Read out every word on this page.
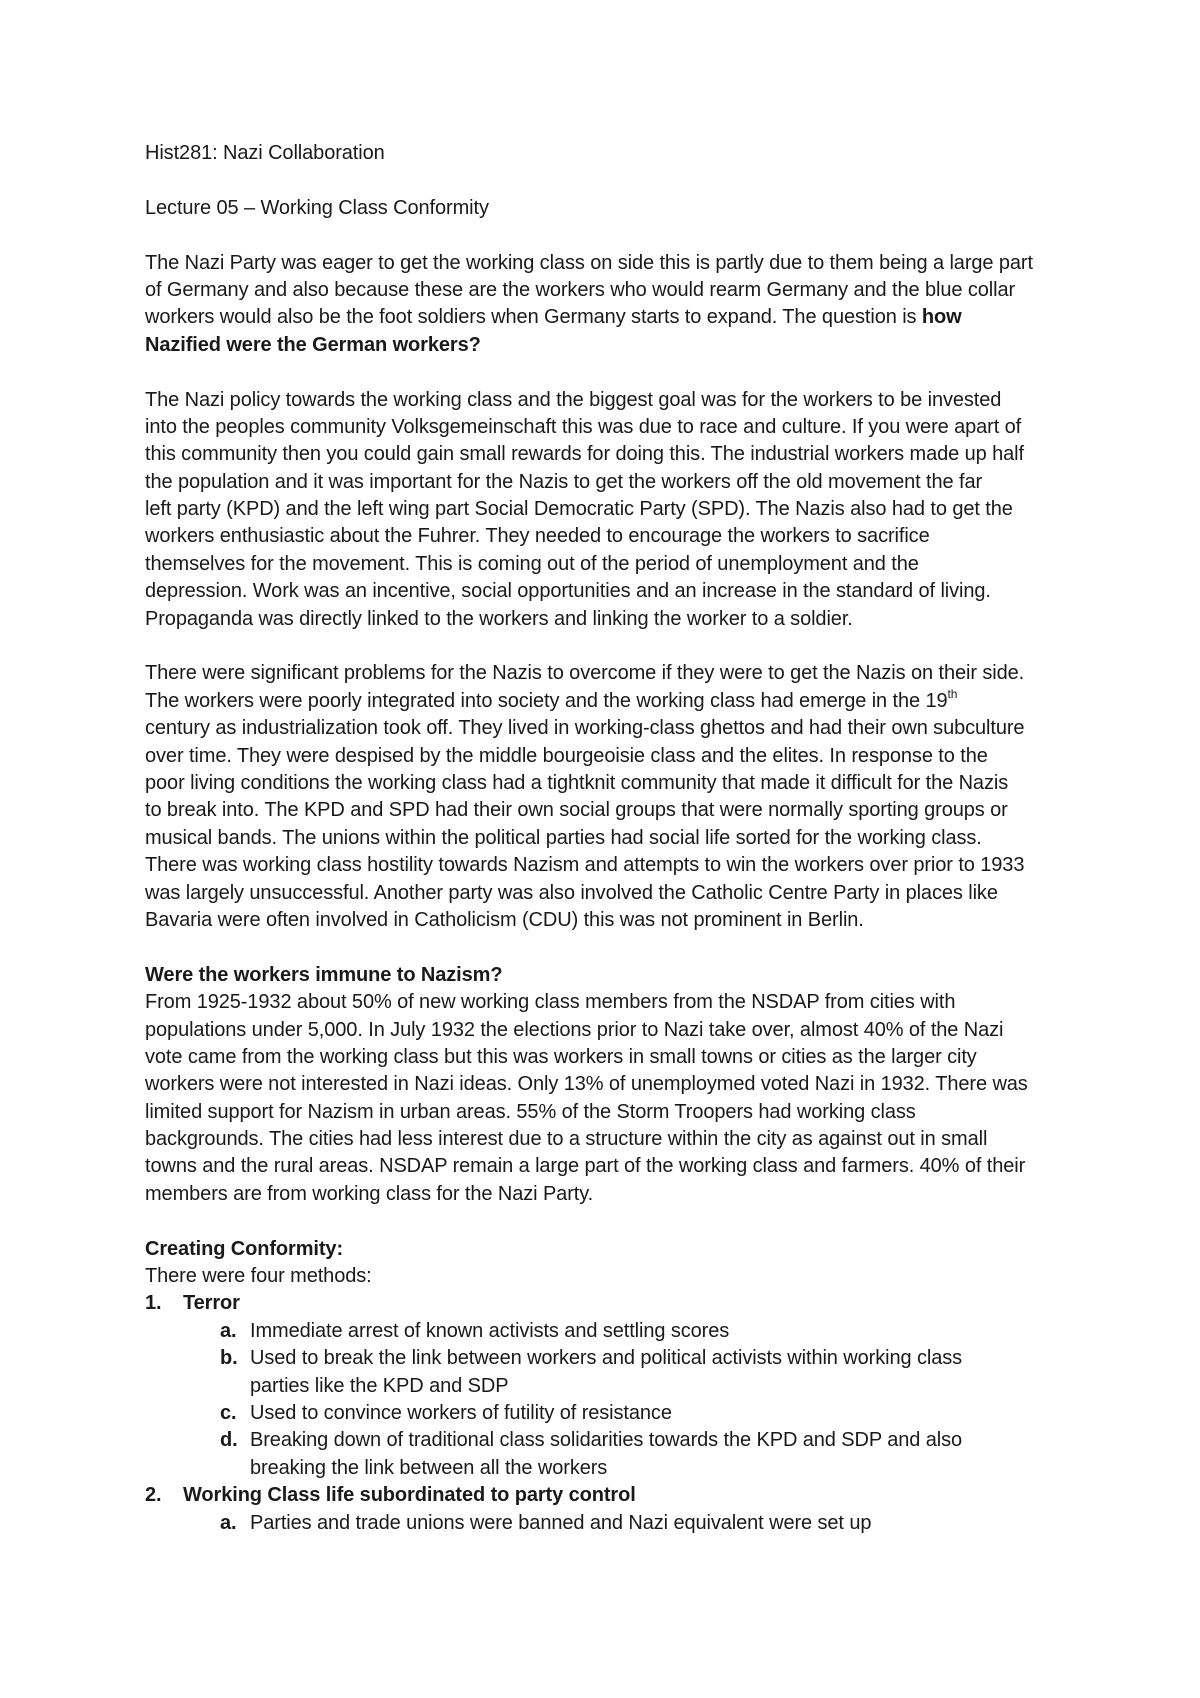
Hist281: Nazi Collaboration
Lecture 05 – Working Class Conformity
The Nazi Party was eager to get the working class on side this is partly due to them being a large part
of Germany and also because these are the workers who would rearm Germany and the blue collar
workers would also be the foot soldiers when Germany starts to expand. The question is how
Nazified were the German workers?
The Nazi policy towards the working class and the biggest goal was for the workers to be invested
into the peoples community Volksgemeinschaft this was due to race and culture. If you were apart of
this community then you could gain small rewards for doing this. The industrial workers made up half
the population and it was important for the Nazis to get the workers off the old movement the far
left party (KPD) and the left wing part Social Democratic Party (SPD). The Nazis also had to get the
workers enthusiastic about the Fuhrer. They needed to encourage the workers to sacrifice
themselves for the movement. This is coming out of the period of unemployment and the
depression. Work was an incentive, social opportunities and an increase in the standard of living.
Propaganda was directly linked to the workers and linking the worker to a soldier.
There were significant problems for the Nazis to overcome if they were to get the Nazis on their side.
The workers were poorly integrated into society and the working class had emerge in the 19th
century as industrialization took off. They lived in working-class ghettos and had their own subculture
over time. They were despised by the middle bourgeoisie class and the elites. In response to the
poor living conditions the working class had a tightknit community that made it difficult for the Nazis
to break into. The KPD and SPD had their own social groups that were normally sporting groups or
musical bands. The unions within the political parties had social life sorted for the working class.
There was working class hostility towards Nazism and attempts to win the workers over prior to 1933
was largely unsuccessful. Another party was also involved the Catholic Centre Party in places like
Bavaria were often involved in Catholicism (CDU) this was not prominent in Berlin.
Were the workers immune to Nazism?
From 1925-1932 about 50% of new working class members from the NSDAP from cities with
populations under 5,000. In July 1932 the elections prior to Nazi take over, almost 40% of the Nazi
vote came from the working class but this was workers in small towns or cities as the larger city
workers were not interested in Nazi ideas. Only 13% of unemploymed voted Nazi in 1932. There was
limited support for Nazism in urban areas. 55% of the Storm Troopers had working class
backgrounds. The cities had less interest due to a structure within the city as against out in small
towns and the rural areas. NSDAP remain a large part of the working class and farmers. 40% of their
members are from working class for the Nazi Party.
Creating Conformity:
There were four methods:
1.	Terror
a. Immediate arrest of known activists and settling scores
b. Used to break the link between workers and political activists within working class
parties like the KPD and SDP
c. Used to convince workers of futility of resistance
d. Breaking down of traditional class solidarities towards the KPD and SDP and also
breaking the link between all the workers
2.	Working Class life subordinated to party control
a. Parties and trade unions were banned and Nazi equivalent were set up
